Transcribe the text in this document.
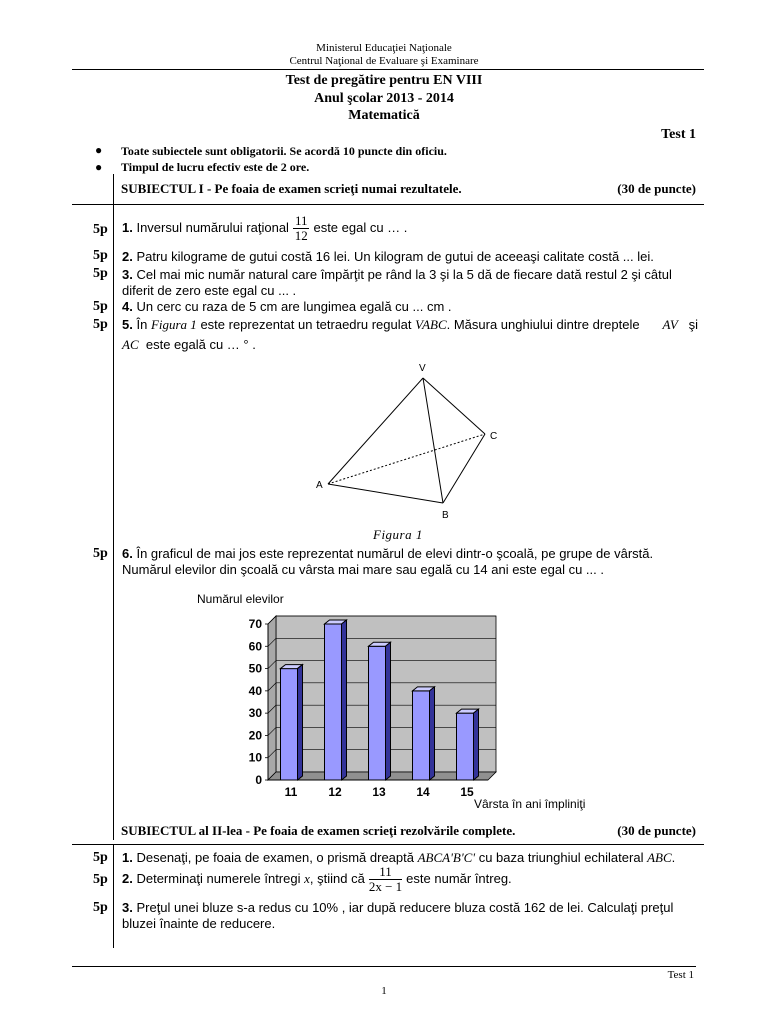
Ministerul Educaţiei Naţionale
Centrul Naţional de Evaluare şi Examinare
Test de pregătire pentru EN VIII
Anul şcolar 2013 - 2014
Matematică
Test 1
● Toate subiectele sunt obligatorii. Se acordă 10 puncte din oficiu.
● Timpul de lucru efectiv este de 2 ore.
SUBIECTUL I - Pe foaia de examen scrieţi numai rezultatele.	(30 de puncte)
5p 1.
Inversul numărului raţional $\frac{11}{12}$ este egal cu … .
5p 2. Patru kilograme de gutui costă 16 lei. Un kilogram de gutui de aceeaşi calitate costă ... lei.
5p 3. Cel mai mic număr natural care împărţit pe rând la 3 şi la 5 dă de fiecare dată restul 2 şi câtul
diferit de zero este egal cu ... .
5p 4. Un cerc cu raza de 5 cm are lungimea egală cu ... cm .
5p 5. În Figura 1 este reprezentat un tetraedru regulat VABC. Măsura unghiului dintre dreptele AV şi
AC este egală cu … ° .
V
A
B
C
Figura 1
5p 6. În graficul de mai jos este reprezentat numărul de elevi dintr-o şcoală, pe grupe de vârstă.
Numărul elevilor din şcoală cu vârsta mai mare sau egală cu 14 ani este egal cu ... .
Numărul elevilor
0
10
20
30
40
50
60
70
11	12	13	14	15
Vârsta în ani împliniţi
SUBIECTUL al II-lea - Pe foaia de examen scrieţi rezolvările complete.	(30 de puncte)
5p 1. Desenaţi, pe foaia de examen, o prismă dreaptă ABCA'B'C' cu baza triunghiul echilateral ABC.
5p 2.
Determinaţi numerele întregi
x , ştiind că $\frac{11}{2x - 1}$ este număr întreg.
5p 3. Preţul unei bluze s-a redus cu 10% , iar după reducere bluza costă 162 de lei. Calculaţi preţul
bluzei înainte de reducere.
Test 1
1
